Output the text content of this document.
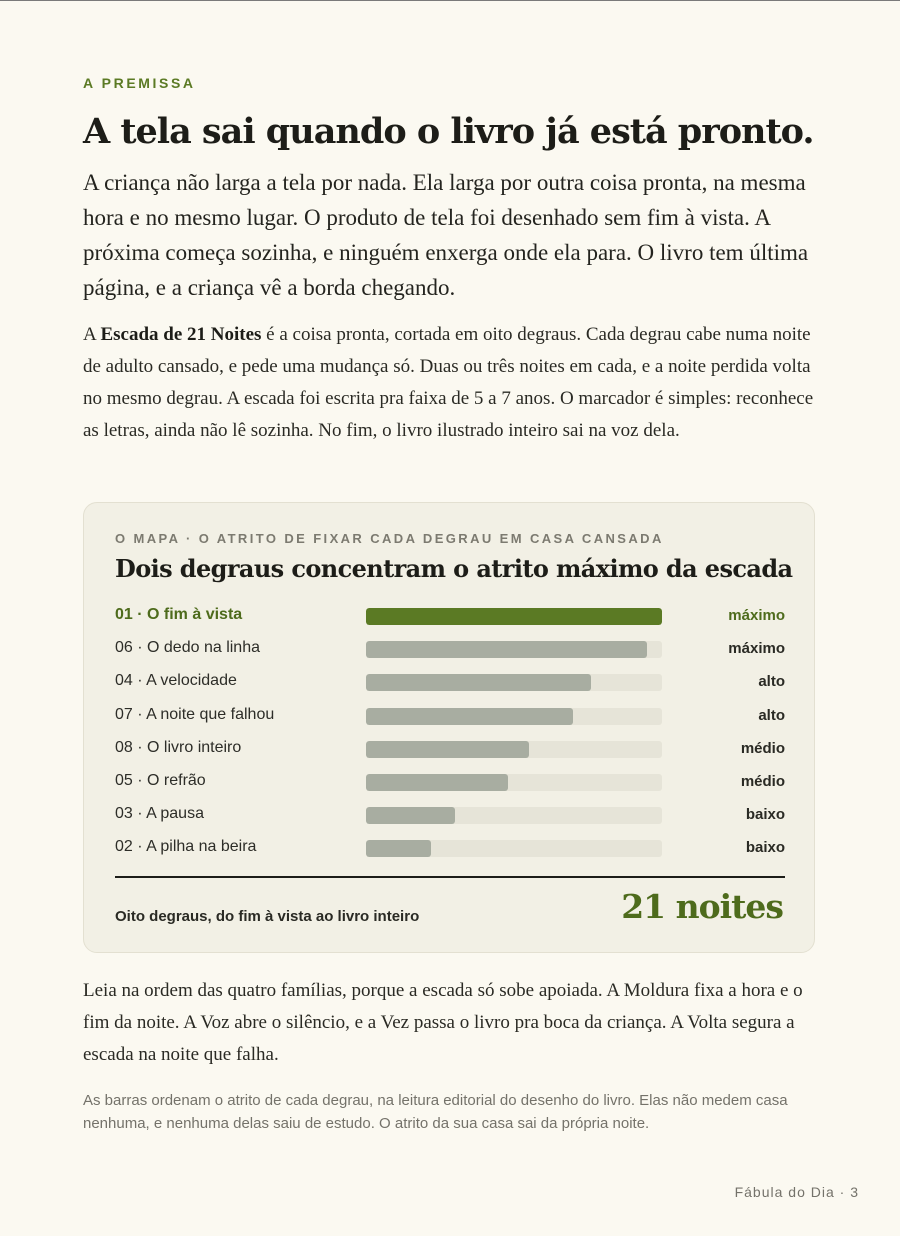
A PREMISSA
A tela sai quando o livro já está pronto.

A criança não larga a tela por nada. Ela larga por outra coisa pronta, na mesma hora e no mesmo lugar. O produto de tela foi desenhado sem fim à vista. A próxima começa sozinha, e ninguém enxerga onde ela para. O livro tem última página, e a criança vê a borda chegando.

A Escada de 21 Noites é a coisa pronta, cortada em oito degraus. Cada degrau cabe numa noite de adulto cansado, e pede uma mudança só. Duas ou três noites em cada, e a noite perdida volta no mesmo degrau. A escada foi escrita pra faixa de 5 a 7 anos. O marcador é simples: reconhece as letras, ainda não lê sozinha. No fim, o livro ilustrado inteiro sai na voz dela.

O MAPA · O ATRITO DE FIXAR CADA DEGRAU EM CASA CANSADA
Dois degraus concentram o atrito máximo da escada
01 · O fim à vista	máximo
06 · O dedo na linha	máximo
04 · A velocidade	alto
07 · A noite que falhou	alto
08 · O livro inteiro	médio
05 · O refrão	médio
03 · A pausa	baixo
02 · A pilha na beira	baixo
Oito degraus, do fim à vista ao livro inteiro	21 noites

Leia na ordem das quatro famílias, porque a escada só sobe apoiada. A Moldura fixa a hora e o fim da noite. A Voz abre o silêncio, e a Vez passa o livro pra boca da criança. A Volta segura a escada na noite que falha.

As barras ordenam o atrito de cada degrau, na leitura editorial do desenho do livro. Elas não medem casa nenhuma, e nenhuma delas saiu de estudo. O atrito da sua casa sai da própria noite.

Fábula do Dia · 3
